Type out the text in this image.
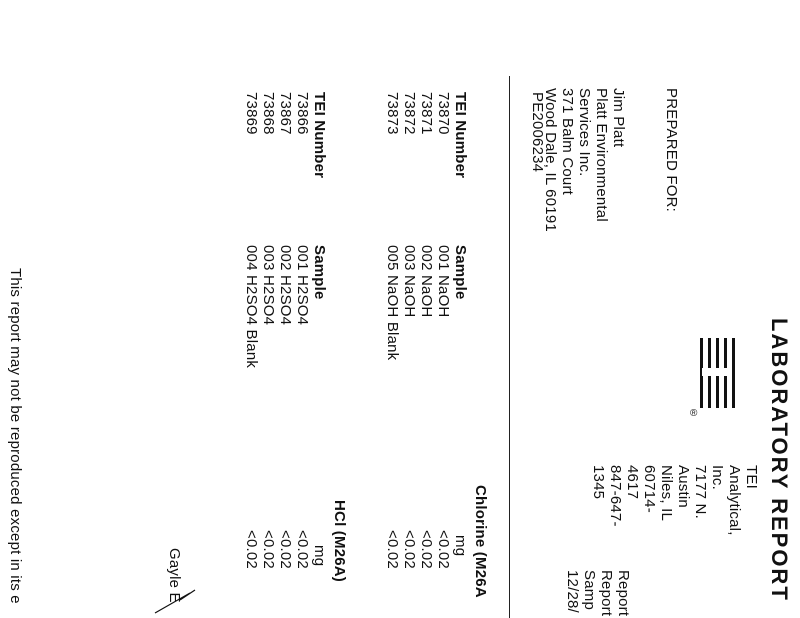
LABORATORY REPORT
®
TEI Analytical, Inc.
7177 N. Austin
Niles, IL 60714-4617
847-647-1345
Report
Report
Samp
12/28/
PREPARED FOR:
Jim Platt
Platt Environmental Services Inc.
371 Balm Court
Wood Dale, IL 60191
PE2006234
TEI Number
Sample
Chlorine (M26A
mg
73870
73871
73872
73873
001 NaOH
002 NaOH
003 NaOH
005 NaOH Blank
<0.02
<0.02
<0.02
<0.02
TEI Number
Sample
HCl (M26A)
mg
73866
73867
73868
73869
001 H2SO4
002 H2SO4
003 H2SO4
004 H2SO4 Blank
<0.02
<0.02
<0.02
<0.02
Gayle E
This report may not be reproduced except in its e
